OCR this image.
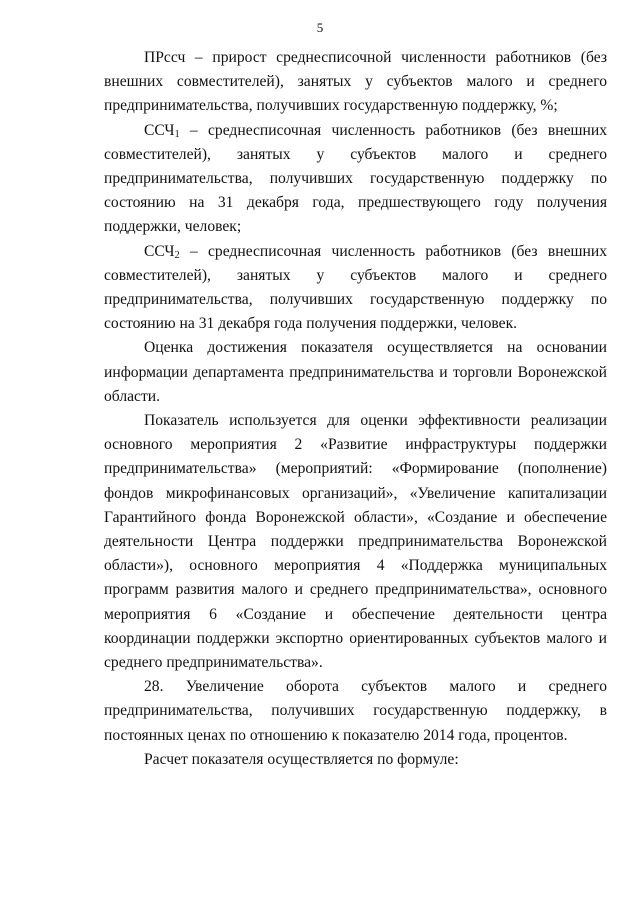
5

ПРссч – прирост среднесписочной численности работников (без внешних совместителей), занятых у субъектов малого и среднего предпринимательства, получивших государственную поддержку, %;

$ССЧ_1$ – среднесписочная численность работников (без внешних совместителей), занятых у субъектов малого и среднего предпринимательства, получивших государственную поддержку по состоянию на 31 декабря года, предшествующего году получения поддержки, человек;

$ССЧ_2$ – среднесписочная численность работников (без внешних совместителей), занятых у субъектов малого и среднего предпринимательства, получивших государственную поддержку по состоянию на 31 декабря года получения поддержки, человек.

Оценка достижения показателя осуществляется на основании информации департамента предпринимательства и торговли Воронежской области.

Показатель используется для оценки эффективности реализации основного мероприятия 2 «Развитие инфраструктуры поддержки предпринимательства» (мероприятий: «Формирование (пополнение) фондов микрофинансовых организаций», «Увеличение капитализации Гарантийного фонда Воронежской области», «Создание и обеспечение деятельности Центра поддержки предпринимательства Воронежской области»), основного мероприятия 4 «Поддержка муниципальных программ развития малого и среднего предпринимательства», основного мероприятия 6 «Создание и обеспечение деятельности центра координации поддержки экспортно ориентированных субъектов малого и среднего предпринимательства».

28. Увеличение оборота субъектов малого и среднего предпринимательства, получивших государственную поддержку, в постоянных ценах по отношению к показателю 2014 года, процентов.

Расчет показателя осуществляется по формуле:
